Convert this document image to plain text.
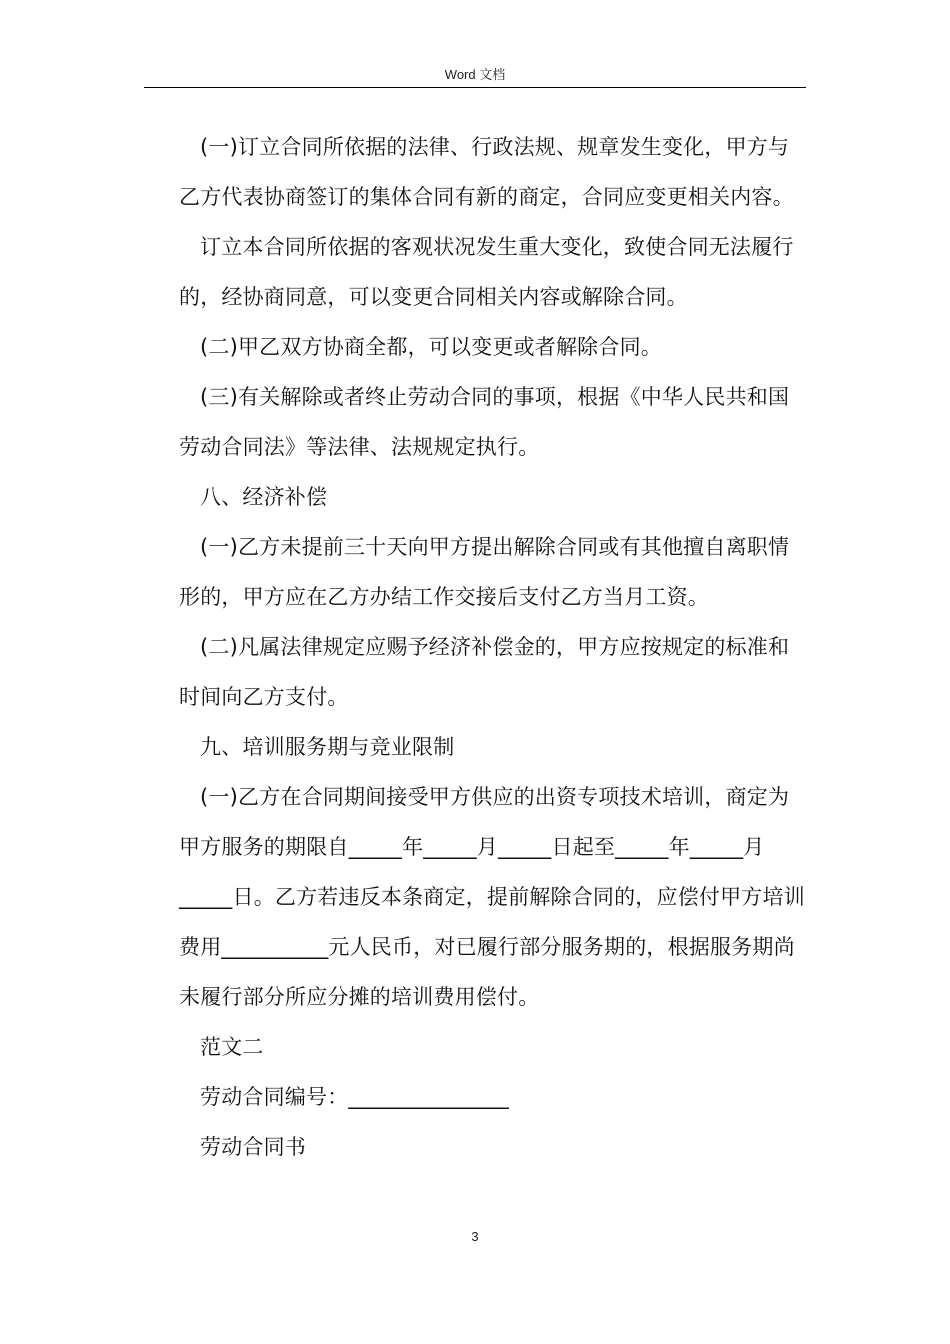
Word 文档

(一)订立合同所依据的法律、行政法规、规章发生变化，甲方与乙方代表协商签订的集体合同有新的商定，合同应变更相关内容。

订立本合同所依据的客观状况发生重大变化，致使合同无法履行的，经协商同意，可以变更合同相关内容或解除合同。

(二)甲乙双方协商全都，可以变更或者解除合同。

(三)有关解除或者终止劳动合同的事项，根据《中华人民共和国劳动合同法》等法律、法规规定执行。

八、经济补偿

(一)乙方未提前三十天向甲方提出解除合同或有其他擅自离职情形的，甲方应在乙方办结工作交接后支付乙方当月工资。

(二)凡属法律规定应赐予经济补偿金的，甲方应按规定的标准和时间向乙方支付。

九、培训服务期与竞业限制

(一)乙方在合同期间接受甲方供应的出资专项技术培训，商定为甲方服务的期限自_____年_____月_____日起至_____年_____月_____日。乙方若违反本条商定，提前解除合同的，应偿付甲方培训费用__________元人民币，对已履行部分服务期的，根据服务期尚未履行部分所应分摊的培训费用偿付。

范文二

劳动合同编号：_______________

劳动合同书

3
